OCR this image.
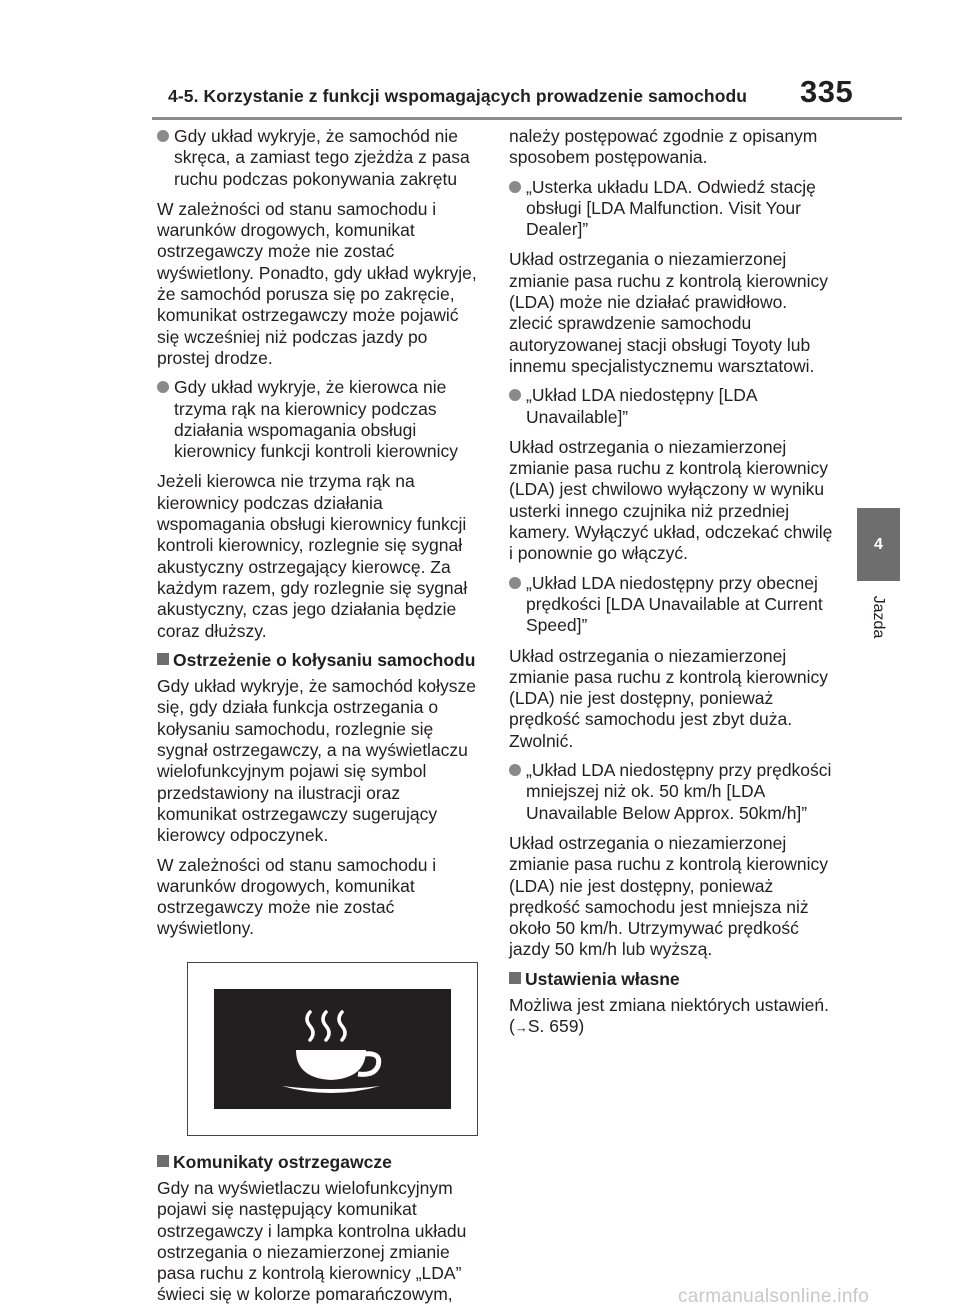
4-5. Korzystanie z funkcji wspomagających prowadzenie samochodu	335
4
Jazda
Gdy układ wykryje, że samochód nie skręca, a zamiast tego zjeżdża z pasa ruchu podczas pokonywania zakrętu

W zależności od stanu samochodu i warunków drogowych, komunikat ostrzegawczy może nie zostać wyświetlony. Ponadto, gdy układ wykryje, że samochód porusza się po zakręcie, komunikat ostrzegawczy może pojawić się wcześniej niż podczas jazdy po prostej drodze.

Gdy układ wykryje, że kierowca nie trzyma rąk na kierownicy podczas działania wspomagania obsługi kierownicy funkcji kontroli kierownicy

Jeżeli kierowca nie trzyma rąk na kierownicy podczas działania wspomagania obsługi kierownicy funkcji kontroli kierownicy, rozlegnie się sygnał akustyczny ostrzegający kierowcę. Za każdym razem, gdy rozlegnie się sygnał akustyczny, czas jego działania będzie coraz dłuższy.

Ostrzeżenie o kołysaniu samochodu

Gdy układ wykryje, że samochód kołysze się, gdy działa funkcja ostrzegania o kołysaniu samochodu, rozlegnie się sygnał ostrzegawczy, a na wyświetlaczu wielofunkcyjnym pojawi się symbol przedstawiony na ilustracji oraz komunikat ostrzegawczy sugerujący kierowcy odpoczynek.

W zależności od stanu samochodu i warunków drogowych, komunikat ostrzegawczy może nie zostać wyświetlony.

Komunikaty ostrzegawcze

Gdy na wyświetlaczu wielofunkcyjnym pojawi się następujący komunikat ostrzegawczy i lampka kontrolna układu ostrzegania o niezamierzonej zmianie pasa ruchu z kontrolą kierownicy „LDA” świeci się w kolorze pomarańczowym,

należy postępować zgodnie z opisanym sposobem postępowania.

„Usterka układu LDA. Odwiedź stację obsługi [LDA Malfunction. Visit Your Dealer]”

Układ ostrzegania o niezamierzonej zmianie pasa ruchu z kontrolą kierownicy (LDA) może nie działać prawidłowo. zlecić sprawdzenie samochodu autoryzowanej stacji obsługi Toyoty lub innemu specjalistycznemu warsztatowi.

„Układ LDA niedostępny [LDA Unavailable]”

Układ ostrzegania o niezamierzonej zmianie pasa ruchu z kontrolą kierownicy (LDA) jest chwilowo wyłączony w wyniku usterki innego czujnika niż przedniej kamery. Wyłączyć układ, odczekać chwilę i ponownie go włączyć.

„Układ LDA niedostępny przy obecnej prędkości [LDA Unavailable at Current Speed]”

Układ ostrzegania o niezamierzonej zmianie pasa ruchu z kontrolą kierownicy (LDA) nie jest dostępny, ponieważ prędkość samochodu jest zbyt duża. Zwolnić.

„Układ LDA niedostępny przy prędkości mniejszej niż ok. 50 km/h [LDA Unavailable Below Approx. 50km/h]”

Układ ostrzegania o niezamierzonej zmianie pasa ruchu z kontrolą kierownicy (LDA) nie jest dostępny, ponieważ prędkość samochodu jest mniejsza niż około 50 km/h. Utrzymywać prędkość jazdy 50 km/h lub wyższą.

Ustawienia własne

Możliwa jest zmiana niektórych ustawień.
(→S. 659)

carmanualsonline.info
